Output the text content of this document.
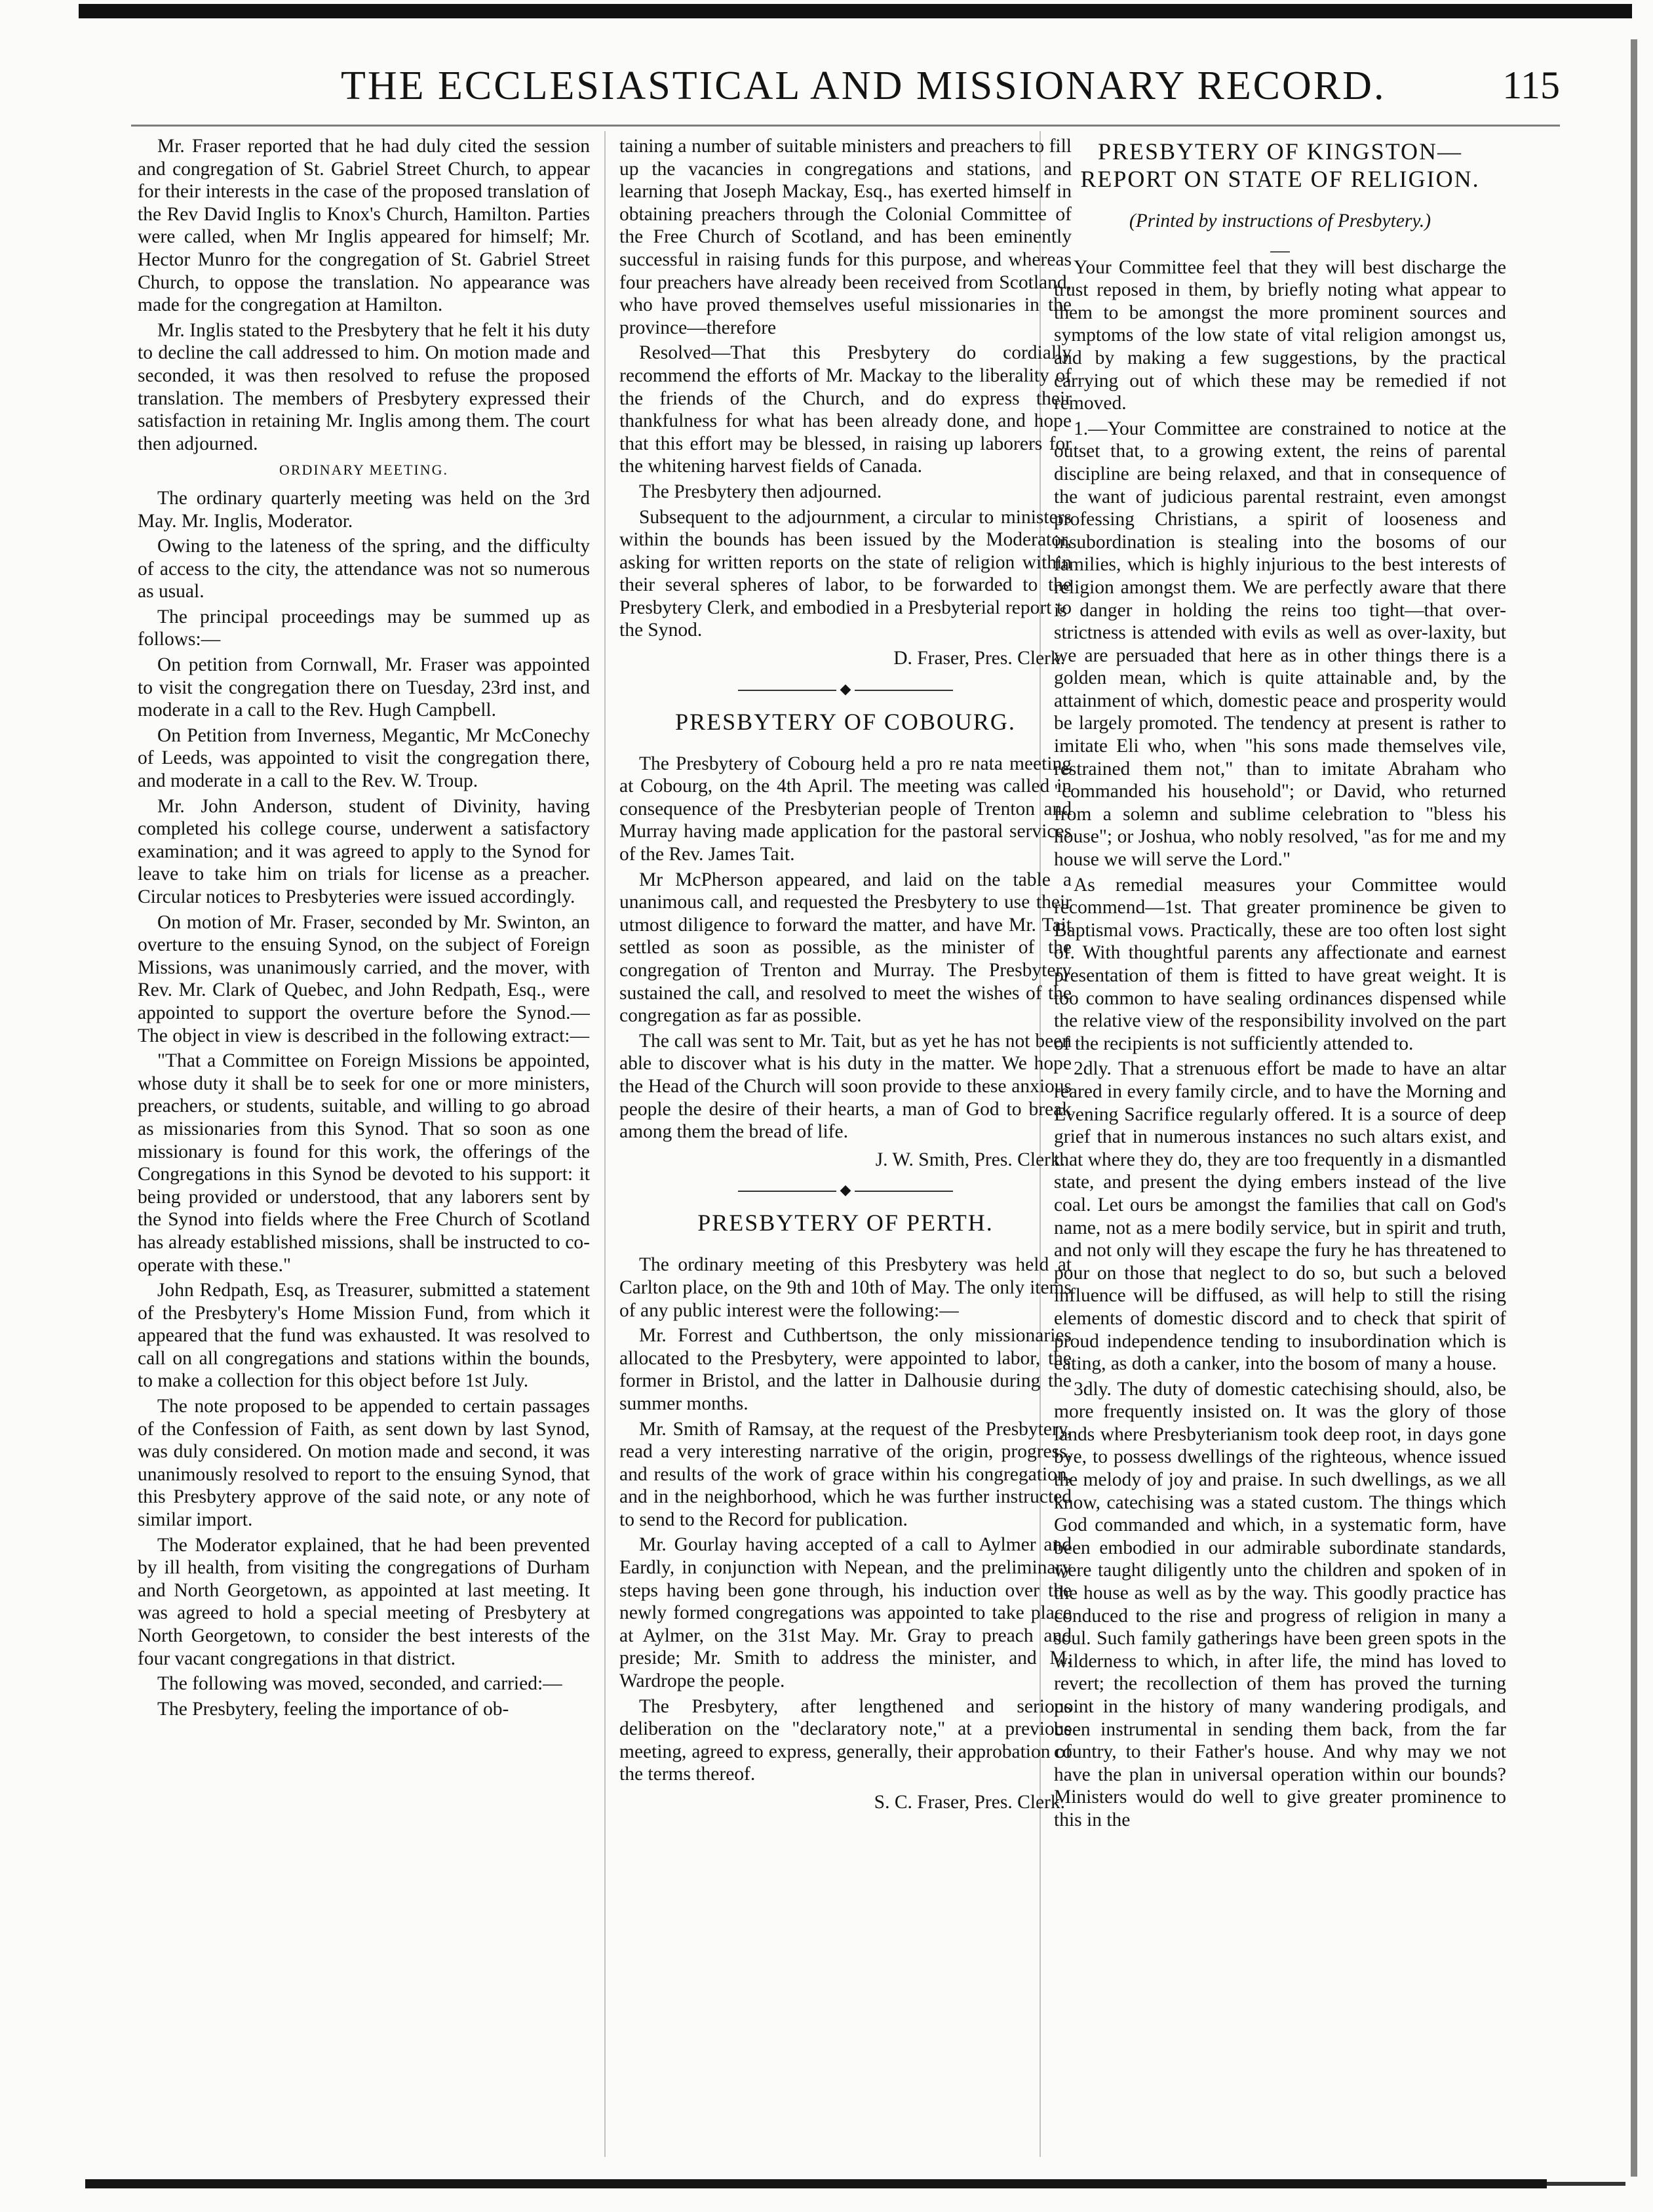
THE ECCLESIASTICAL AND MISSIONARY RECORD.	115

Mr. Fraser reported that he had duly cited the session and congregation of St. Gabriel Street Church, to appear for their interests in the case of the proposed translation of the Rev David Inglis to Knox's Church, Hamilton. Parties were called, when Mr Inglis appeared for himself; Mr. Hector Munro for the congregation of St. Gabriel Street Church, to oppose the translation. No appearance was made for the congregation at Hamilton.

Mr. Inglis stated to the Presbytery that he felt it his duty to decline the call addressed to him. On motion made and seconded, it was then resolved to refuse the proposed translation. The members of Presbytery expressed their satisfaction in retaining Mr. Inglis among them. The court then adjourned.

ORDINARY MEETING.

The ordinary quarterly meeting was held on the 3rd May. Mr. Inglis, Moderator.

Owing to the lateness of the spring, and the difficulty of access to the city, the attendance was not so numerous as usual.

The principal proceedings may be summed up as follows:—

On petition from Cornwall, Mr. Fraser was appointed to visit the congregation there on Tuesday, 23rd inst, and moderate in a call to the Rev. Hugh Campbell.

On Petition from Inverness, Megantic, Mr McConechy of Leeds, was appointed to visit the congregation there, and moderate in a call to the Rev. W. Troup.

Mr. John Anderson, student of Divinity, having completed his college course, underwent a satisfactory examination; and it was agreed to apply to the Synod for leave to take him on trials for license as a preacher. Circular notices to Presbyteries were issued accordingly.

On motion of Mr. Fraser, seconded by Mr. Swinton, an overture to the ensuing Synod, on the subject of Foreign Missions, was unanimously carried, and the mover, with Rev. Mr. Clark of Quebec, and John Redpath, Esq., were appointed to support the overture before the Synod.— The object in view is described in the following extract:—

"That a Committee on Foreign Missions be appointed, whose duty it shall be to seek for one or more ministers, preachers, or students, suitable, and willing to go abroad as missionaries from this Synod. That so soon as one missionary is found for this work, the offerings of the Congregations in this Synod be devoted to his support: it being provided or understood, that any laborers sent by the Synod into fields where the Free Church of Scotland has already established missions, shall be instructed to co-operate with these."

John Redpath, Esq, as Treasurer, submitted a statement of the Presbytery's Home Mission Fund, from which it appeared that the fund was exhausted. It was resolved to call on all congregations and stations within the bounds, to make a collection for this object before 1st July.

The note proposed to be appended to certain passages of the Confession of Faith, as sent down by last Synod, was duly considered. On motion made and second, it was unanimously resolved to report to the ensuing Synod, that this Presbytery approve of the said note, or any note of similar import.

The Moderator explained, that he had been prevented by ill health, from visiting the congregations of Durham and North Georgetown, as appointed at last meeting. It was agreed to hold a special meeting of Presbytery at North Georgetown, to consider the best interests of the four vacant congregations in that district.

The following was moved, seconded, and carried:—

The Presbytery, feeling the importance of ob-

taining a number of suitable ministers and preachers to fill up the vacancies in congregations and stations, and learning that Joseph Mackay, Esq., has exerted himself in obtaining preachers through the Colonial Committee of the Free Church of Scotland, and has been eminently successful in raising funds for this purpose, and whereas four preachers have already been received from Scotland, who have proved themselves useful missionaries in the province—therefore

Resolved—That this Presbytery do cordially recommend the efforts of Mr. Mackay to the liberality of the friends of the Church, and do express their thankfulness for what has been already done, and hope that this effort may be blessed, in raising up laborers for the whitening harvest fields of Canada.

The Presbytery then adjourned.

Subsequent to the adjournment, a circular to ministers within the bounds has been issued by the Moderator, asking for written reports on the state of religion within their several spheres of labor, to be forwarded to the Presbytery Clerk, and embodied in a Presbyterial report to the Synod.

D. Fraser, Pres. Clerk.
◆
PRESBYTERY OF COBOURG.

The Presbytery of Cobourg held a pro re nata meeting at Cobourg, on the 4th April. The meeting was called in consequence of the Presbyterian people of Trenton and Murray having made application for the pastoral services of the Rev. James Tait.

Mr McPherson appeared, and laid on the table a unanimous call, and requested the Presbytery to use their utmost diligence to forward the matter, and have Mr. Tait settled as soon as possible, as the minister of the congregation of Trenton and Murray. The Presbytery sustained the call, and resolved to meet the wishes of the congregation as far as possible.

The call was sent to Mr. Tait, but as yet he has not been able to discover what is his duty in the matter. We hope the Head of the Church will soon provide to these anxious people the desire of their hearts, a man of God to break among them the bread of life.

J. W. Smith, Pres. Clerk.
◆
PRESBYTERY OF PERTH.

The ordinary meeting of this Presbytery was held at Carlton place, on the 9th and 10th of May. The only items of any public interest were the following:—

Mr. Forrest and Cuthbertson, the only missionaries allocated to the Presbytery, were appointed to labor, the former in Bristol, and the latter in Dalhousie during the summer months.

Mr. Smith of Ramsay, at the request of the Presbytery, read a very interesting narrative of the origin, progress, and results of the work of grace within his congregation, and in the neighborhood, which he was further instructed to send to the Record for publication.

Mr. Gourlay having accepted of a call to Aylmer and Eardly, in conjunction with Nepean, and the preliminary steps having been gone through, his induction over the newly formed congregations was appointed to take place at Aylmer, on the 31st May. Mr. Gray to preach and preside; Mr. Smith to address the minister, and M. Wardrope the people.

The Presbytery, after lengthened and serious deliberation on the "declaratory note," at a previous meeting, agreed to express, generally, their approbation of the terms thereof.

S. C. Fraser, Pres. Clerk.
PRESBYTERY OF KINGSTON—REPORT ON STATE OF RELIGION.
(Printed by instructions of Presbytery.)
—

Your Committee feel that they will best discharge the trust reposed in them, by briefly noting what appear to them to be amongst the more prominent sources and symptoms of the low state of vital religion amongst us, and by making a few suggestions, by the practical carrying out of which these may be remedied if not removed.

1.—Your Committee are constrained to notice at the outset that, to a growing extent, the reins of parental discipline are being relaxed, and that in consequence of the want of judicious parental restraint, even amongst professing Christians, a spirit of looseness and insubordination is stealing into the bosoms of our families, which is highly injurious to the best interests of religion amongst them. We are perfectly aware that there is danger in holding the reins too tight—that over-strictness is attended with evils as well as over-laxity, but we are persuaded that here as in other things there is a golden mean, which is quite attainable and, by the attainment of which, domestic peace and prosperity would be largely promoted. The tendency at present is rather to imitate Eli who, when "his sons made themselves vile, restrained them not," than to imitate Abraham who "commanded his household"; or David, who returned from a solemn and sublime celebration to "bless his house"; or Joshua, who nobly resolved, "as for me and my house we will serve the Lord."

As remedial measures your Committee would recommend—1st. That greater prominence be given to Baptismal vows. Practically, these are too often lost sight of. With thoughtful parents any affectionate and earnest presentation of them is fitted to have great weight. It is too common to have sealing ordinances dispensed while the relative view of the responsibility involved on the part of the recipients is not sufficiently attended to.

2dly. That a strenuous effort be made to have an altar reared in every family circle, and to have the Morning and Evening Sacrifice regularly offered. It is a source of deep grief that in numerous instances no such altars exist, and that where they do, they are too frequently in a dismantled state, and present the dying embers instead of the live coal. Let ours be amongst the families that call on God's name, not as a mere bodily service, but in spirit and truth, and not only will they escape the fury he has threatened to pour on those that neglect to do so, but such a beloved influence will be diffused, as will help to still the rising elements of domestic discord and to check that spirit of proud independence tending to insubordination which is eating, as doth a canker, into the bosom of many a house.

3dly. The duty of domestic catechising should, also, be more frequently insisted on. It was the glory of those lands where Presbyterianism took deep root, in days gone bye, to possess dwellings of the righteous, whence issued the melody of joy and praise. In such dwellings, as we all know, catechising was a stated custom. The things which God commanded and which, in a systematic form, have been embodied in our admirable subordinate standards, were taught diligently unto the children and spoken of in the house as well as by the way. This goodly practice has conduced to the rise and progress of religion in many a soul. Such family gatherings have been green spots in the wilderness to which, in after life, the mind has loved to revert; the recollection of them has proved the turning point in the history of many wandering prodigals, and been instrumental in sending them back, from the far country, to their Father's house. And why may we not have the plan in universal operation within our bounds? Ministers would do well to give greater prominence to this in the
